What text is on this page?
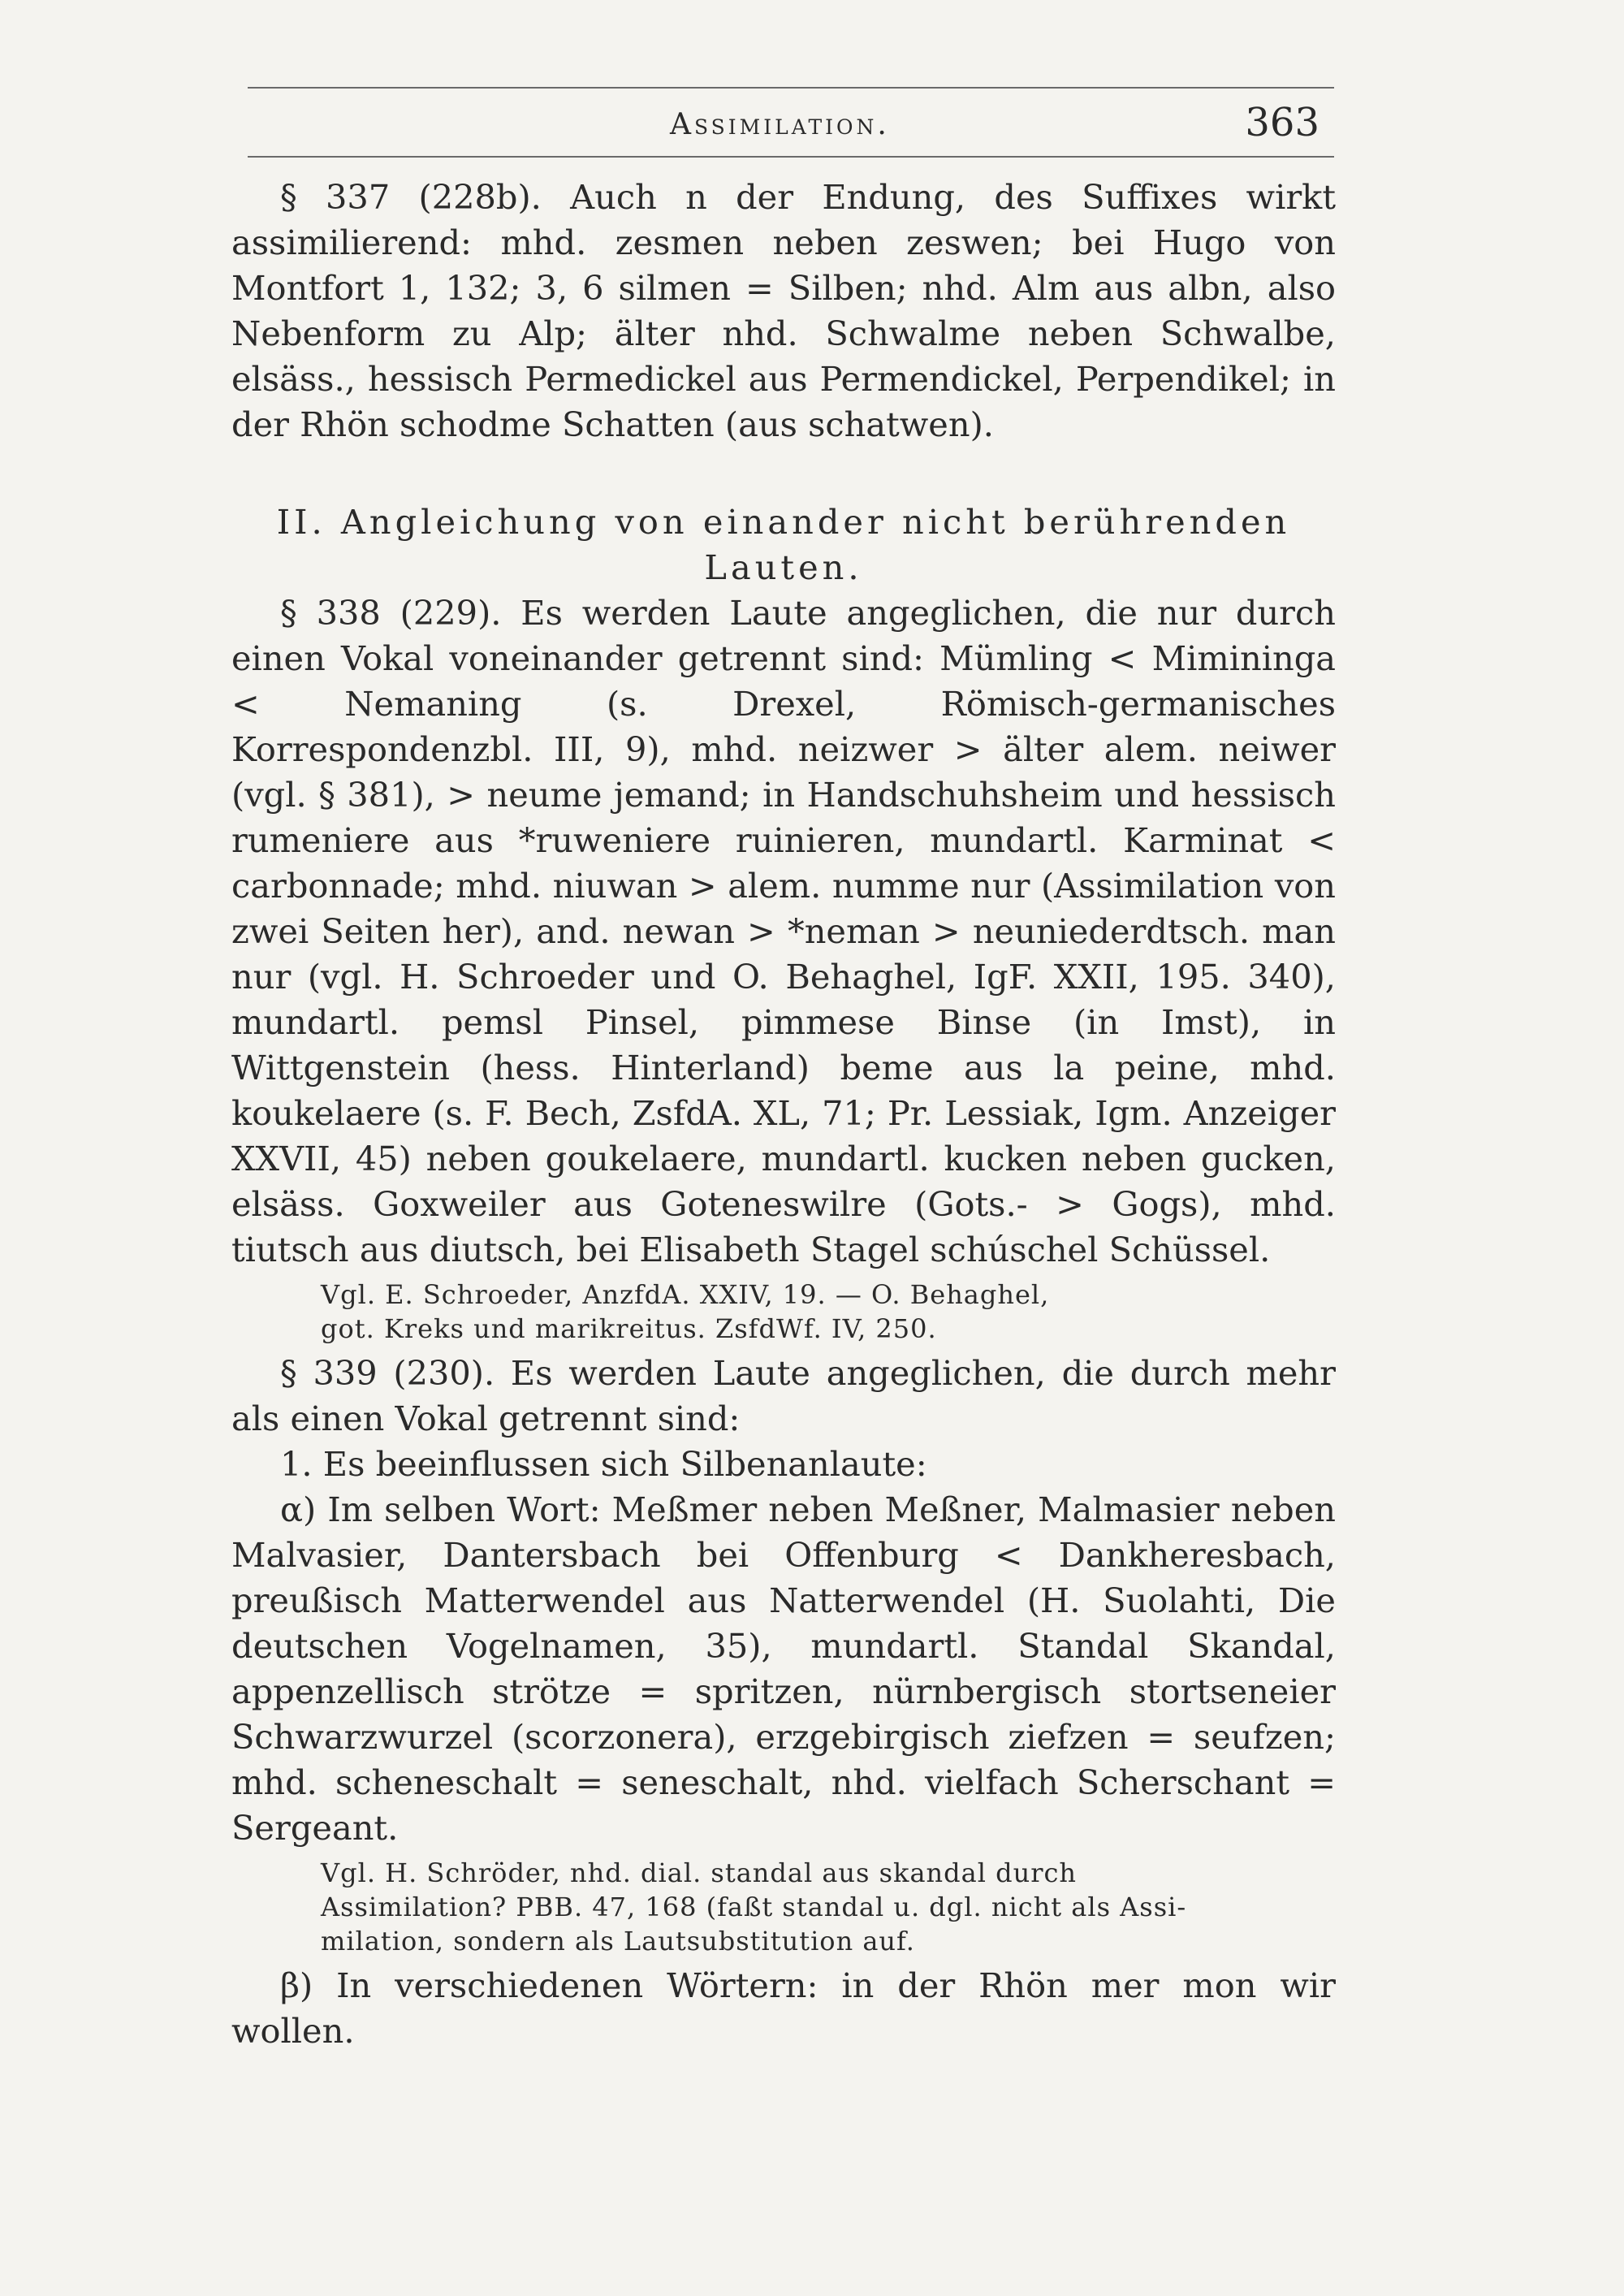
Assimilation.	363

§ 337 (228b). Auch n der Endung, des Suffixes wirkt assimilierend: mhd. zesmen neben zeswen; bei Hugo von Montfort 1, 132; 3, 6 silmen = Silben; nhd. Alm aus albn, also Nebenform zu Alp; älter nhd. Schwalme neben Schwalbe, elsäss., hessisch Permedickel aus Permendickel, Perpendikel; in der Rhön schodme Schatten (aus schatwen).

II. Angleichung von einander nicht berührenden
Lauten.

§ 338 (229). Es werden Laute angeglichen, die nur durch einen Vokal voneinander getrennt sind: Mümling < Mimininga < Nemaning (s. Drexel, Römisch-germanisches Korrespondenzbl. III, 9), mhd. neizwer > älter alem. neiwer (vgl. § 381), > neume jemand; in Handschuhsheim und hessisch rumeniere aus *ruweniere ruinieren, mundartl. Karminat < carbonnade; mhd. niuwan > alem. numme nur (Assimilation von zwei Seiten her), and. newan > *neman > neuniederdtsch. man nur (vgl. H. Schroeder und O. Behaghel, IgF. XXII, 195. 340), mundartl. pemsl Pinsel, pimmese Binse (in Imst), in Wittgenstein (hess. Hinterland) beme aus la peine, mhd. koukelaere (s. F. Bech, ZsfdA. XL, 71; Pr. Lessiak, Igm. Anzeiger XXVII, 45) neben goukelaere, mundartl. kucken neben gucken, elsäss. Goxweiler aus Goteneswilre (Gots.- > Gogs), mhd. tiutsch aus diutsch, bei Elisabeth Stagel schúschel Schüssel.

Vgl. E. Schroeder, AnzfdA. XXIV, 19. — O. Behaghel,
got. Kreks und marikreitus. ZsfdWf. IV, 250.

§ 339 (230). Es werden Laute angeglichen, die durch mehr als einen Vokal getrennt sind:

1. Es beeinflussen sich Silbenanlaute:

α) Im selben Wort: Meßmer neben Meßner, Malmasier neben Malvasier, Dantersbach bei Offenburg < Dankheresbach, preußisch Matterwendel aus Natterwendel (H. Suolahti, Die deutschen Vogelnamen, 35), mundartl. Standal Skandal, appenzellisch strötze = spritzen, nürnbergisch stortseneier Schwarzwurzel (scorzonera), erzgebirgisch ziefzen = seufzen; mhd. scheneschalt = seneschalt, nhd. vielfach Scherschant = Sergeant.

Vgl. H. Schröder, nhd. dial. standal aus skandal durch
Assimilation? PBB. 47, 168 (faßt standal u. dgl. nicht als Assi-
milation, sondern als Lautsubstitution auf.

β) In verschiedenen Wörtern: in der Rhön mer mon wir wollen.
